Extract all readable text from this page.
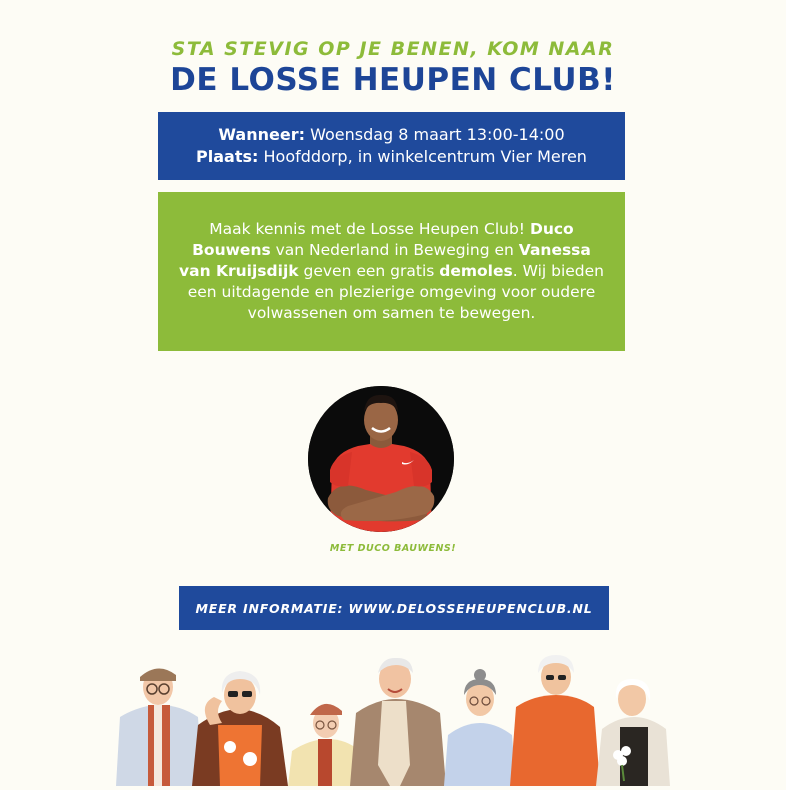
STA STEVIG OP JE BENEN, KOM NAAR
DE LOSSE HEUPEN CLUB!
Wanneer: Woensdag 8 maart 13:00-14:00
Plaats: Hoofddorp, in winkelcentrum Vier Meren
Maak kennis met de Losse Heupen Club! Duco Bouwens van Nederland in Beweging en Vanessa van Kruijsdijk geven een gratis demoles. Wij bieden een uitdagende en plezierige omgeving voor oudere volwassenen om samen te bewegen.
MET DUCO BAUWENS!
MEER INFORMATIE: WWW.DELOSSEHEUPENCLUB.NL
